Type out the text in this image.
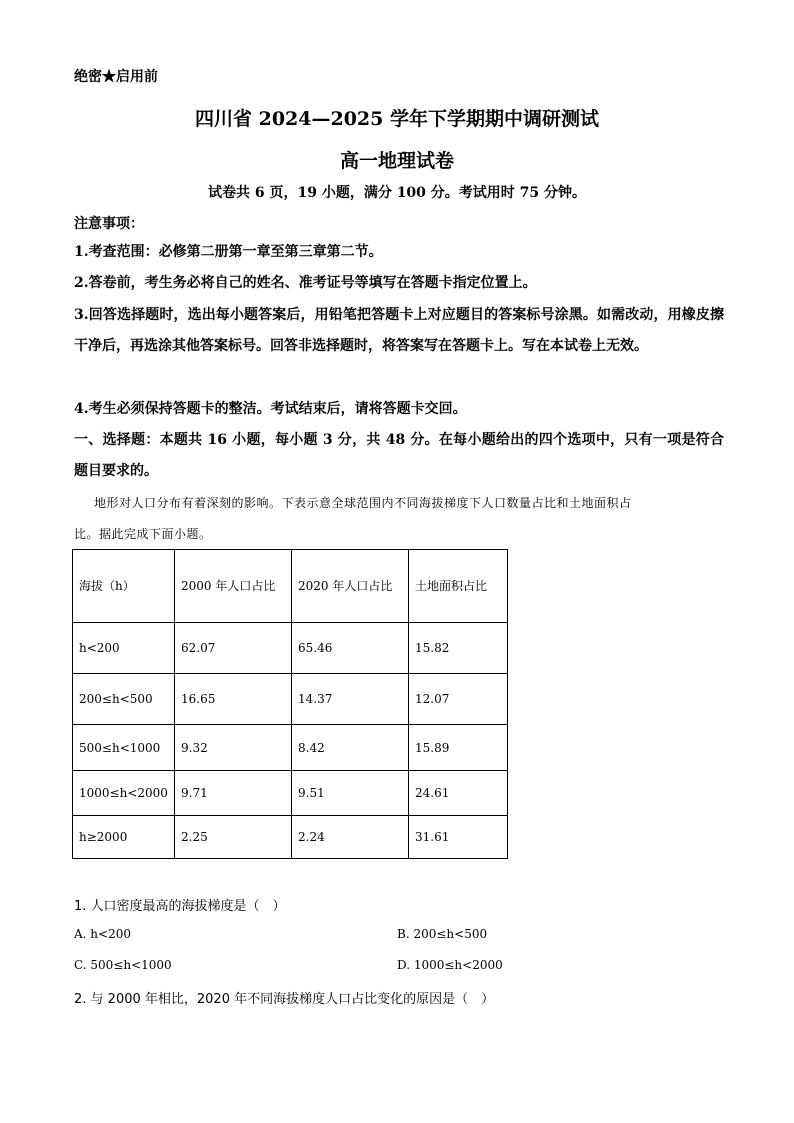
绝密★启用前
四川省 2024—2025 学年下学期期中调研测试
高一地理试卷
试卷共 6 页，19 小题，满分 100 分。考试用时 75 分钟。
注意事项：
1.考查范围：必修第二册第一章至第三章第二节。
2.答卷前，考生务必将自己的姓名、准考证号等填写在答题卡指定位置上。
3.回答选择题时，选出每小题答案后，用铅笔把答题卡上对应题目的答案标号涂黑。如需改动，用橡皮擦干净后，再选涂其他答案标号。回答非选择题时，将答案写在答题卡上。写在本试卷上无效。
4.考生必须保持答题卡的整洁。考试结束后，请将答题卡交回。
一、选择题：本题共 16 小题，每小题 3 分，共 48 分。在每小题给出的四个选项中，只有一项是符合题目要求的。
地形对人口分布有着深刻的影响。下表示意全球范围内不同海拔梯度下人口数量占比和土地面积占
比。据此完成下面小题。
海拔（h）	2000 年人口占比	2020 年人口占比	土地面积占比
h<200	62.07	65.46	15.82
200≤h<500	16.65	14.37	12.07
500≤h<1000	9.32	8.42	15.89
1000≤h<2000	9.71	9.51	24.61
h≥2000	2.25	2.24	31.61
1. 人口密度最高的海拔梯度是（　）
A. h<200	B. 200≤h<500
C. 500≤h<1000	D. 1000≤h<2000
2. 与 2000 年相比，2020 年不同海拔梯度人口占比变化的原因是（　）
